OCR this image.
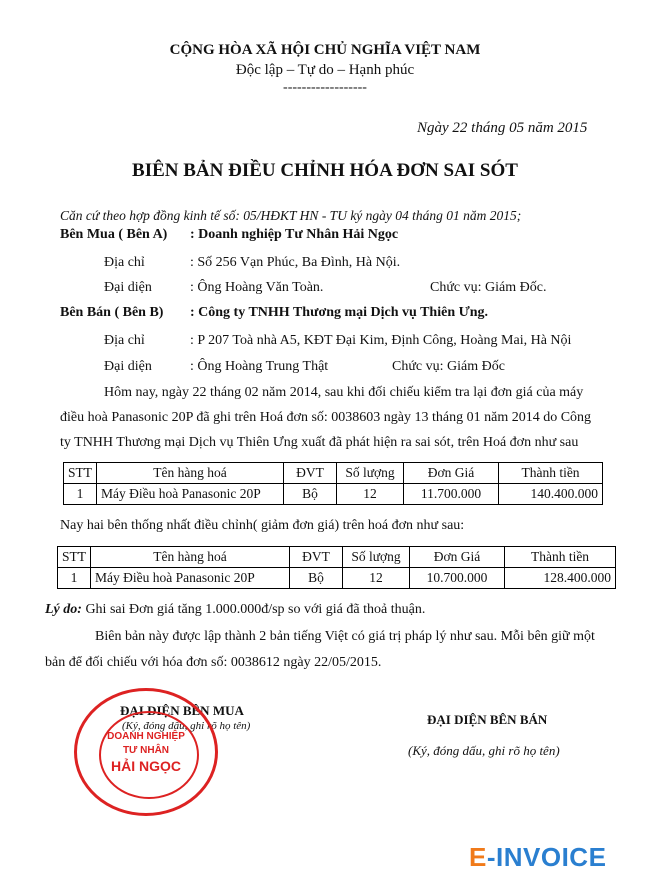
CỘNG HÒA XÃ HỘI CHỦ NGHĨA VIỆT NAM
Độc lập – Tự do – Hạnh phúc
------------------
Ngày 22 tháng 05 năm 2015
BIÊN BẢN ĐIỀU CHỈNH HÓA ĐƠN SAI SÓT
Căn cứ theo hợp đồng kinh tế số: 05/HĐKT HN - TU ký ngày 04 tháng 01 năm 2015;
Bên Mua ( Bên A) : Doanh nghiệp Tư Nhân Hải Ngọc
Địa chỉ	: Số 256 Vạn Phúc, Ba Đình, Hà Nội.
Đại diện	: Ông Hoàng Văn Toàn.	Chức vụ: Giám Đốc.
Bên Bán ( Bên B) : Công ty TNHH Thương mại Dịch vụ Thiên Ưng.
Địa chỉ	: P 207 Toà nhà A5, KĐT Đại Kim, Định Công, Hoàng Mai, Hà Nội
Đại diện	: Ông Hoàng Trung Thật	Chức vụ: Giám Đốc
Hôm nay, ngày 22 tháng 02 năm 2014, sau khi đối chiếu kiểm tra lại đơn giá của máy
điều hoà Panasonic 20P đã ghi trên Hoá đơn số: 0038603 ngày 13 tháng 01 năm 2014 do Công
ty TNHH Thương mại Dịch vụ Thiên Ưng xuất đã phát hiện ra sai sót, trên Hoá đơn như sau
STT	Tên hàng hoá	ĐVT	Số lượng	Đơn Giá	Thành tiền
1	Máy Điều hoà Panasonic 20P	Bộ	12	11.700.000	140.400.000
Nay hai bên thống nhất điều chỉnh( giảm đơn giá) trên hoá đơn như sau:
STT	Tên hàng hoá	ĐVT	Số lượng	Đơn Giá	Thành tiền
1	Máy Điều hoà Panasonic 20P	Bộ	12	10.700.000	128.400.000
Lý do: Ghi sai Đơn giá tăng 1.000.000đ/sp so với giá đã thoả thuận.
Biên bản này được lập thành 2 bản tiếng Việt có giá trị pháp lý như sau. Mỗi bên giữ một
bản để đối chiếu với hóa đơn số: 0038612 ngày 22/05/2015.
ĐẠI DIỆN BÊN MUA
(Ký, đóng dấu, ghi rõ họ tên)	ĐẠI DIỆN BÊN BÁN
(Ký, đóng dấu, ghi rõ họ tên)
DOANH NGHIỆP
TƯ NHÂN
HẢI NGỌC
E-INVOICE
